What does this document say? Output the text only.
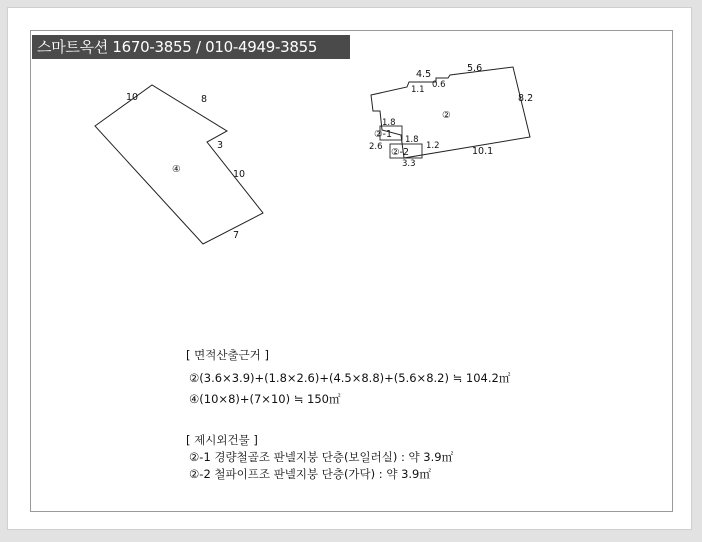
스마트옥션 1670-3855 / 010-4949-3855
④
10	8
3
10
7
②
4.5
5.6
1.1 0.6
8.2
1.8
1.8
1.2
2.6
3.3
10.1
②-1
②-2
[ 면적산출근거 ]
②(3.6×3.9)+(1.8×2.6)+(4.5×8.8)+(5.6×8.2) ≒ 104.2㎡
④(10×8)+(7×10) ≒ 150㎡
[ 제시외건물 ]
②-1 경량철골조 판넬지붕 단층(보일러실) : 약 3.9㎡
②-2 철파이프조 판넬지붕 단층(가닥) : 약 3.9㎡
